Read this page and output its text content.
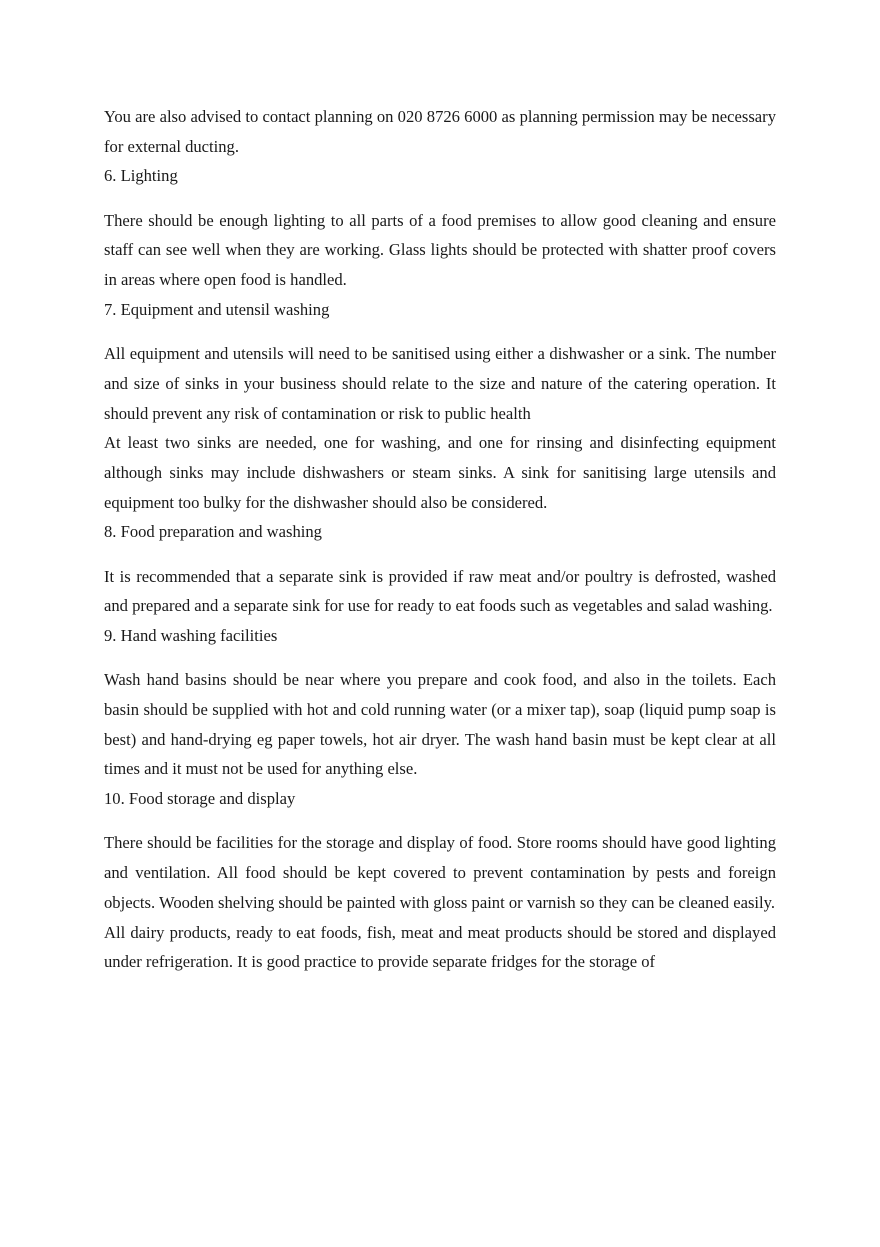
You are also advised to contact planning on 020 8726 6000 as planning permission may be necessary for external ducting.

6. Lighting

There should be enough lighting to all parts of a food premises to allow good cleaning and ensure staff can see well when they are working. Glass lights should be protected with shatter proof covers in areas where open food is handled.

7. Equipment and utensil washing

All equipment and utensils will need to be sanitised using either a dishwasher or a sink. The number and size of sinks in your business should relate to the size and nature of the catering operation. It should prevent any risk of contamination or risk to public health

At least two sinks are needed, one for washing, and one for rinsing and disinfecting equipment although sinks may include dishwashers or steam sinks. A sink for sanitising large utensils and equipment too bulky for the dishwasher should also be considered.

8. Food preparation and washing

It is recommended that a separate sink is provided if raw meat and/or poultry is defrosted, washed and prepared and a separate sink for use for ready to eat foods such as vegetables and salad washing.

9. Hand washing facilities

Wash hand basins should be near where you prepare and cook food, and also in the toilets. Each basin should be supplied with hot and cold running water (or a mixer tap), soap (liquid pump soap is best) and hand-drying eg paper towels, hot air dryer. The wash hand basin must be kept clear at all times and it must not be used for anything else.

10. Food storage and display

There should be facilities for the storage and display of food. Store rooms should have good lighting and ventilation. All food should be kept covered to prevent contamination by pests and foreign objects. Wooden shelving should be painted with gloss paint or varnish so they can be cleaned easily.

All dairy products, ready to eat foods, fish, meat and meat products should be stored and displayed under refrigeration. It is good practice to provide separate fridges for the storage of
